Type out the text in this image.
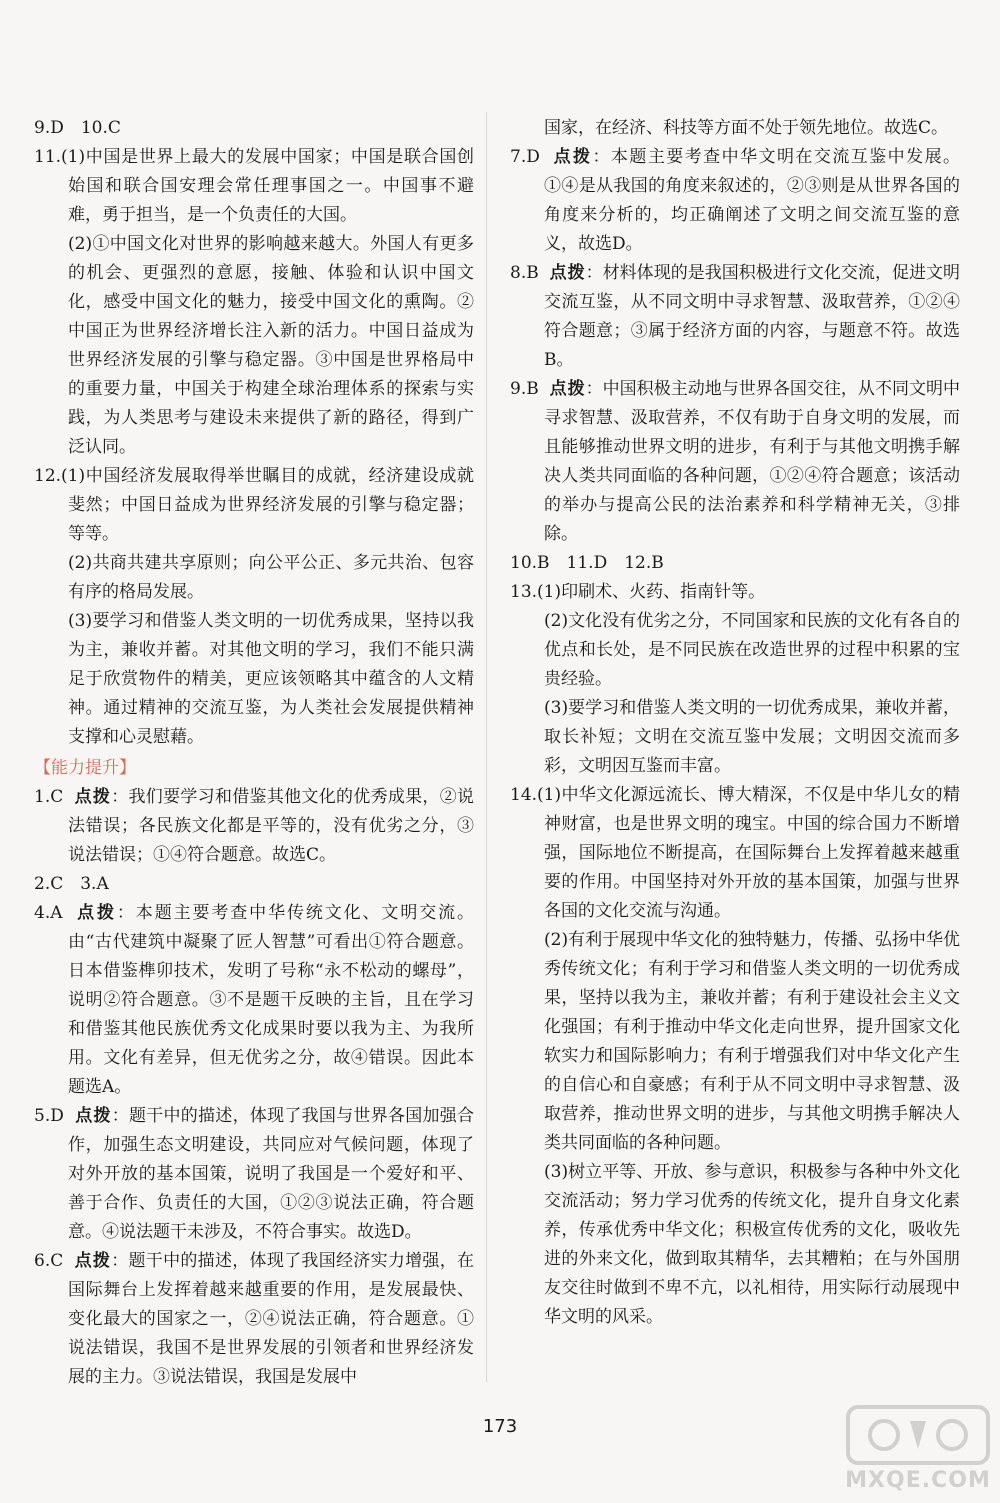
9.D　10.C
11.(1)中国是世界上最大的发展中国家；中国是联合国创始国和联合国安理会常任理事国之一。中国事不避难，勇于担当，是一个负责任的大国。
(2)①中国文化对世界的影响越来越大。外国人有更多的机会、更强烈的意愿，接触、体验和认识中国文化，感受中国文化的魅力，接受中国文化的熏陶。②中国正为世界经济增长注入新的活力。中国日益成为世界经济发展的引擎与稳定器。③中国是世界格局中的重要力量，中国关于构建全球治理体系的探索与实践，为人类思考与建设未来提供了新的路径，得到广泛认同。
12.(1)中国经济发展取得举世瞩目的成就，经济建设成就斐然；中国日益成为世界经济发展的引擎与稳定器；等等。
(2)共商共建共享原则；向公平公正、多元共治、包容有序的格局发展。
(3)要学习和借鉴人类文明的一切优秀成果，坚持以我为主，兼收并蓄。对其他文明的学习，我们不能只满足于欣赏物件的精美，更应该领略其中蕴含的人文精神。通过精神的交流互鉴，为人类社会发展提供精神支撑和心灵慰藉。
【能力提升】
1.C 点拨：我们要学习和借鉴其他文化的优秀成果，②说法错误；各民族文化都是平等的，没有优劣之分，③说法错误；①④符合题意。故选C。
2.C　3.A
4.A 点拨：本题主要考查中华传统文化、文明交流。由“古代建筑中凝聚了匠人智慧”可看出①符合题意。日本借鉴榫卯技术，发明了号称“永不松动的螺母”，说明②符合题意。③不是题干反映的主旨，且在学习和借鉴其他民族优秀文化成果时要以我为主、为我所用。文化有差异，但无优劣之分，故④错误。因此本题选A。
5.D 点拨：题干中的描述，体现了我国与世界各国加强合作，加强生态文明建设，共同应对气候问题，体现了对外开放的基本国策，说明了我国是一个爱好和平、善于合作、负责任的大国，①②③说法正确，符合题意。④说法题干未涉及，不符合事实。故选D。
6.C 点拨：题干中的描述，体现了我国经济实力增强，在国际舞台上发挥着越来越重要的作用，是发展最快、变化最大的国家之一，②④说法正确，符合题意。①说法错误，我国不是世界发展的引领者和世界经济发展的主力。③说法错误，我国是发展中
国家，在经济、科技等方面不处于领先地位。故选C。
7.D 点拨：本题主要考查中华文明在交流互鉴中发展。①④是从我国的角度来叙述的，②③则是从世界各国的角度来分析的，均正确阐述了文明之间交流互鉴的意义，故选D。
8.B 点拨：材料体现的是我国积极进行文化交流，促进文明交流互鉴，从不同文明中寻求智慧、汲取营养，①②④符合题意；③属于经济方面的内容，与题意不符。故选B。
9.B 点拨：中国积极主动地与世界各国交往，从不同文明中寻求智慧、汲取营养，不仅有助于自身文明的发展，而且能够推动世界文明的进步，有利于与其他文明携手解决人类共同面临的各种问题，①②④符合题意；该活动的举办与提高公民的法治素养和科学精神无关，③排除。
10.B　11.D　12.B
13.(1)印刷术、火药、指南针等。
(2)文化没有优劣之分，不同国家和民族的文化有各自的优点和长处，是不同民族在改造世界的过程中积累的宝贵经验。
(3)要学习和借鉴人类文明的一切优秀成果，兼收并蓄，取长补短；文明在交流互鉴中发展；文明因交流而多彩，文明因互鉴而丰富。
14.(1)中华文化源远流长、博大精深，不仅是中华儿女的精神财富，也是世界文明的瑰宝。中国的综合国力不断增强，国际地位不断提高，在国际舞台上发挥着越来越重要的作用。中国坚持对外开放的基本国策，加强与世界各国的文化交流与沟通。
(2)有利于展现中华文化的独特魅力，传播、弘扬中华优秀传统文化；有利于学习和借鉴人类文明的一切优秀成果，坚持以我为主，兼收并蓄；有利于建设社会主义文化强国；有利于推动中华文化走向世界，提升国家文化软实力和国际影响力；有利于增强我们对中华文化产生的自信心和自豪感；有利于从不同文明中寻求智慧、汲取营养，推动世界文明的进步，与其他文明携手解决人类共同面临的各种问题。
(3)树立平等、开放、参与意识，积极参与各种中外文化交流活动；努力学习优秀的传统文化，提升自身文化素养，传承优秀中华文化；积极宣传优秀的文化，吸收先进的外来文化，做到取其精华，去其糟粕；在与外国朋友交往时做到不卑不亢，以礼相待，用实际行动展现中华文明的风采。
173
MXQE.COM
